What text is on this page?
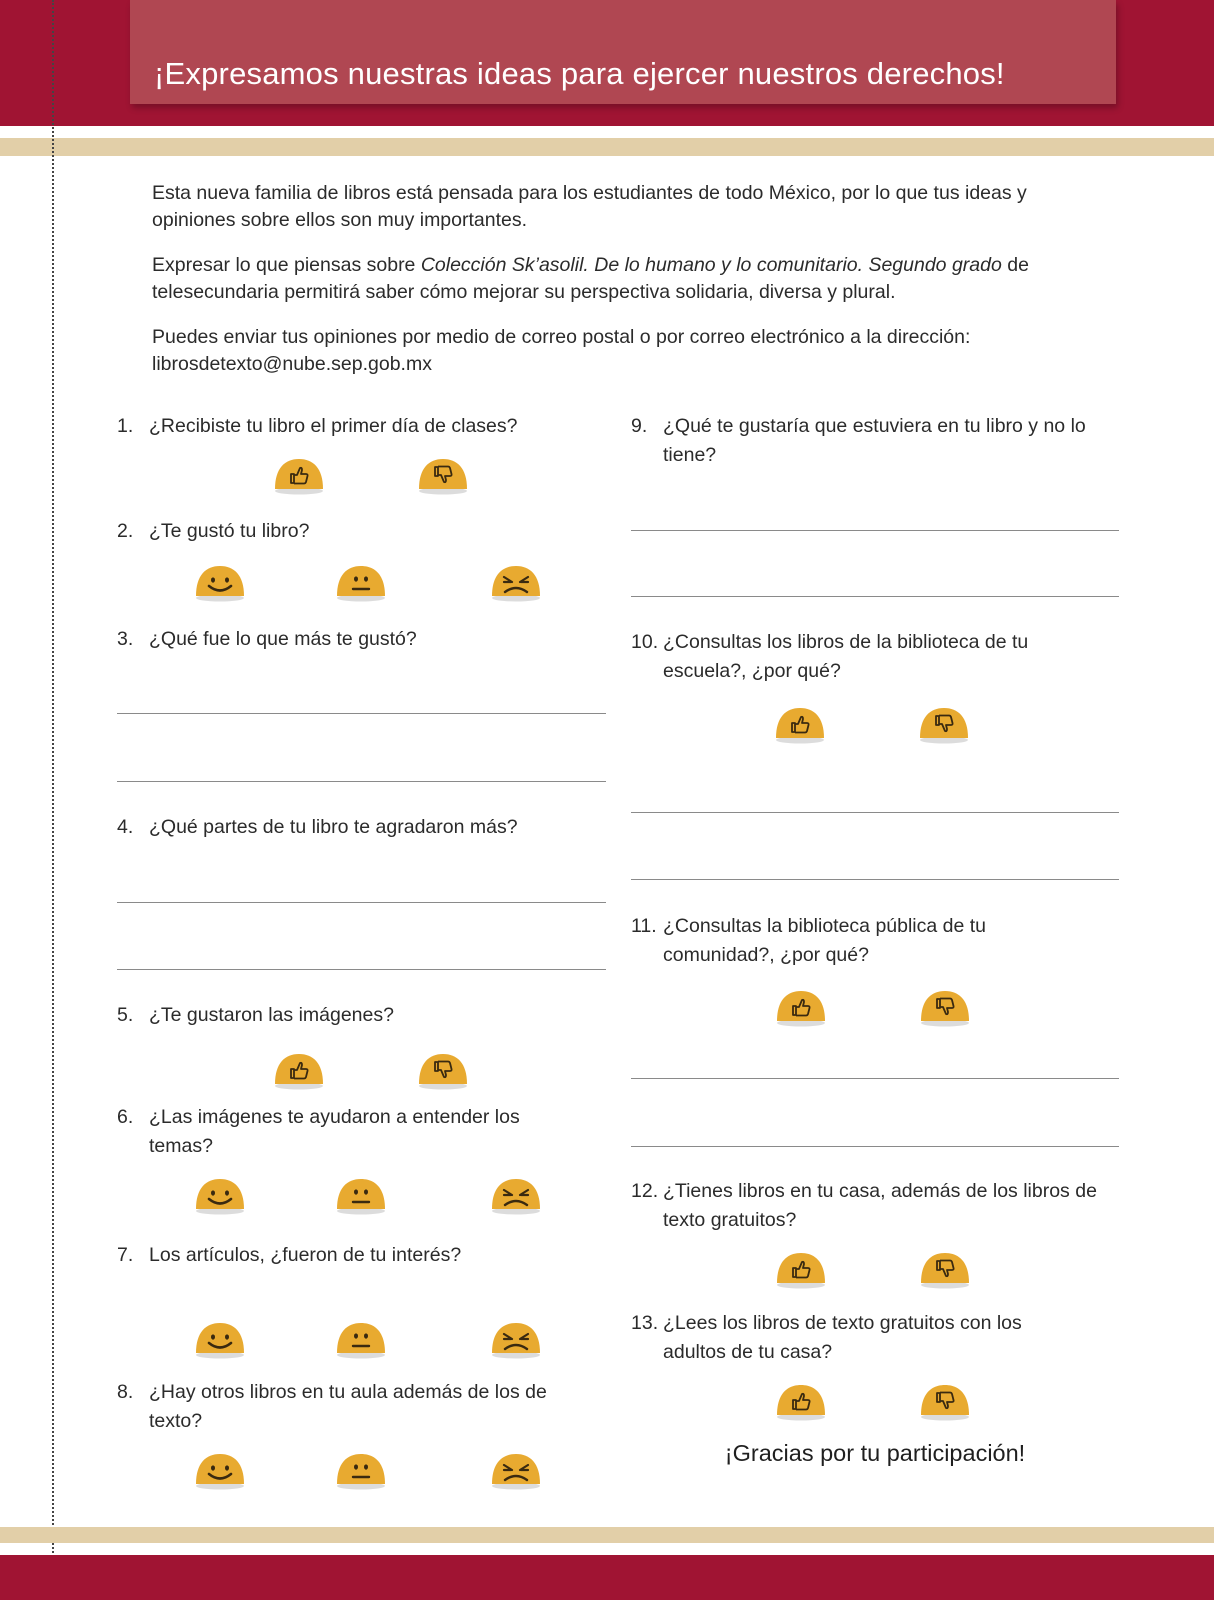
¡Expresamos nuestras ideas para ejercer nuestros derechos!

Esta nueva familia de libros está pensada para los estudiantes de todo México, por lo que tus ideas y opiniones sobre ellos son muy importantes.

Expresar lo que piensas sobre Colección Sk’asolil. De lo humano y lo comunitario. Segundo grado de telesecundaria permitirá saber cómo mejorar su perspectiva solidaria, diversa y plural.

Puedes enviar tus opiniones por medio de correo postal o por correo electrónico a la dirección: librosdetexto@nube.sep.gob.mx

1. ¿Recibiste tu libro el primer día de clases?
2. ¿Te gustó tu libro?
3. ¿Qué fue lo que más te gustó?
4. ¿Qué partes de tu libro te agradaron más?
5. ¿Te gustaron las imágenes?
6. ¿Las imágenes te ayudaron a entender los
temas?
7. Los artículos, ¿fueron de tu interés?
8. ¿Hay otros libros en tu aula además de los de
texto?
9. ¿Qué te gustaría que estuviera en tu libro y no lo
tiene?
10. ¿Consultas los libros de la biblioteca de tu
escuela?, ¿por qué?
11. ¿Consultas la biblioteca pública de tu
comunidad?, ¿por qué?
12. ¿Tienes libros en tu casa, además de los libros de
texto gratuitos?
13. ¿Lees los libros de texto gratuitos con los
adultos de tu casa?
¡Gracias por tu participación!
